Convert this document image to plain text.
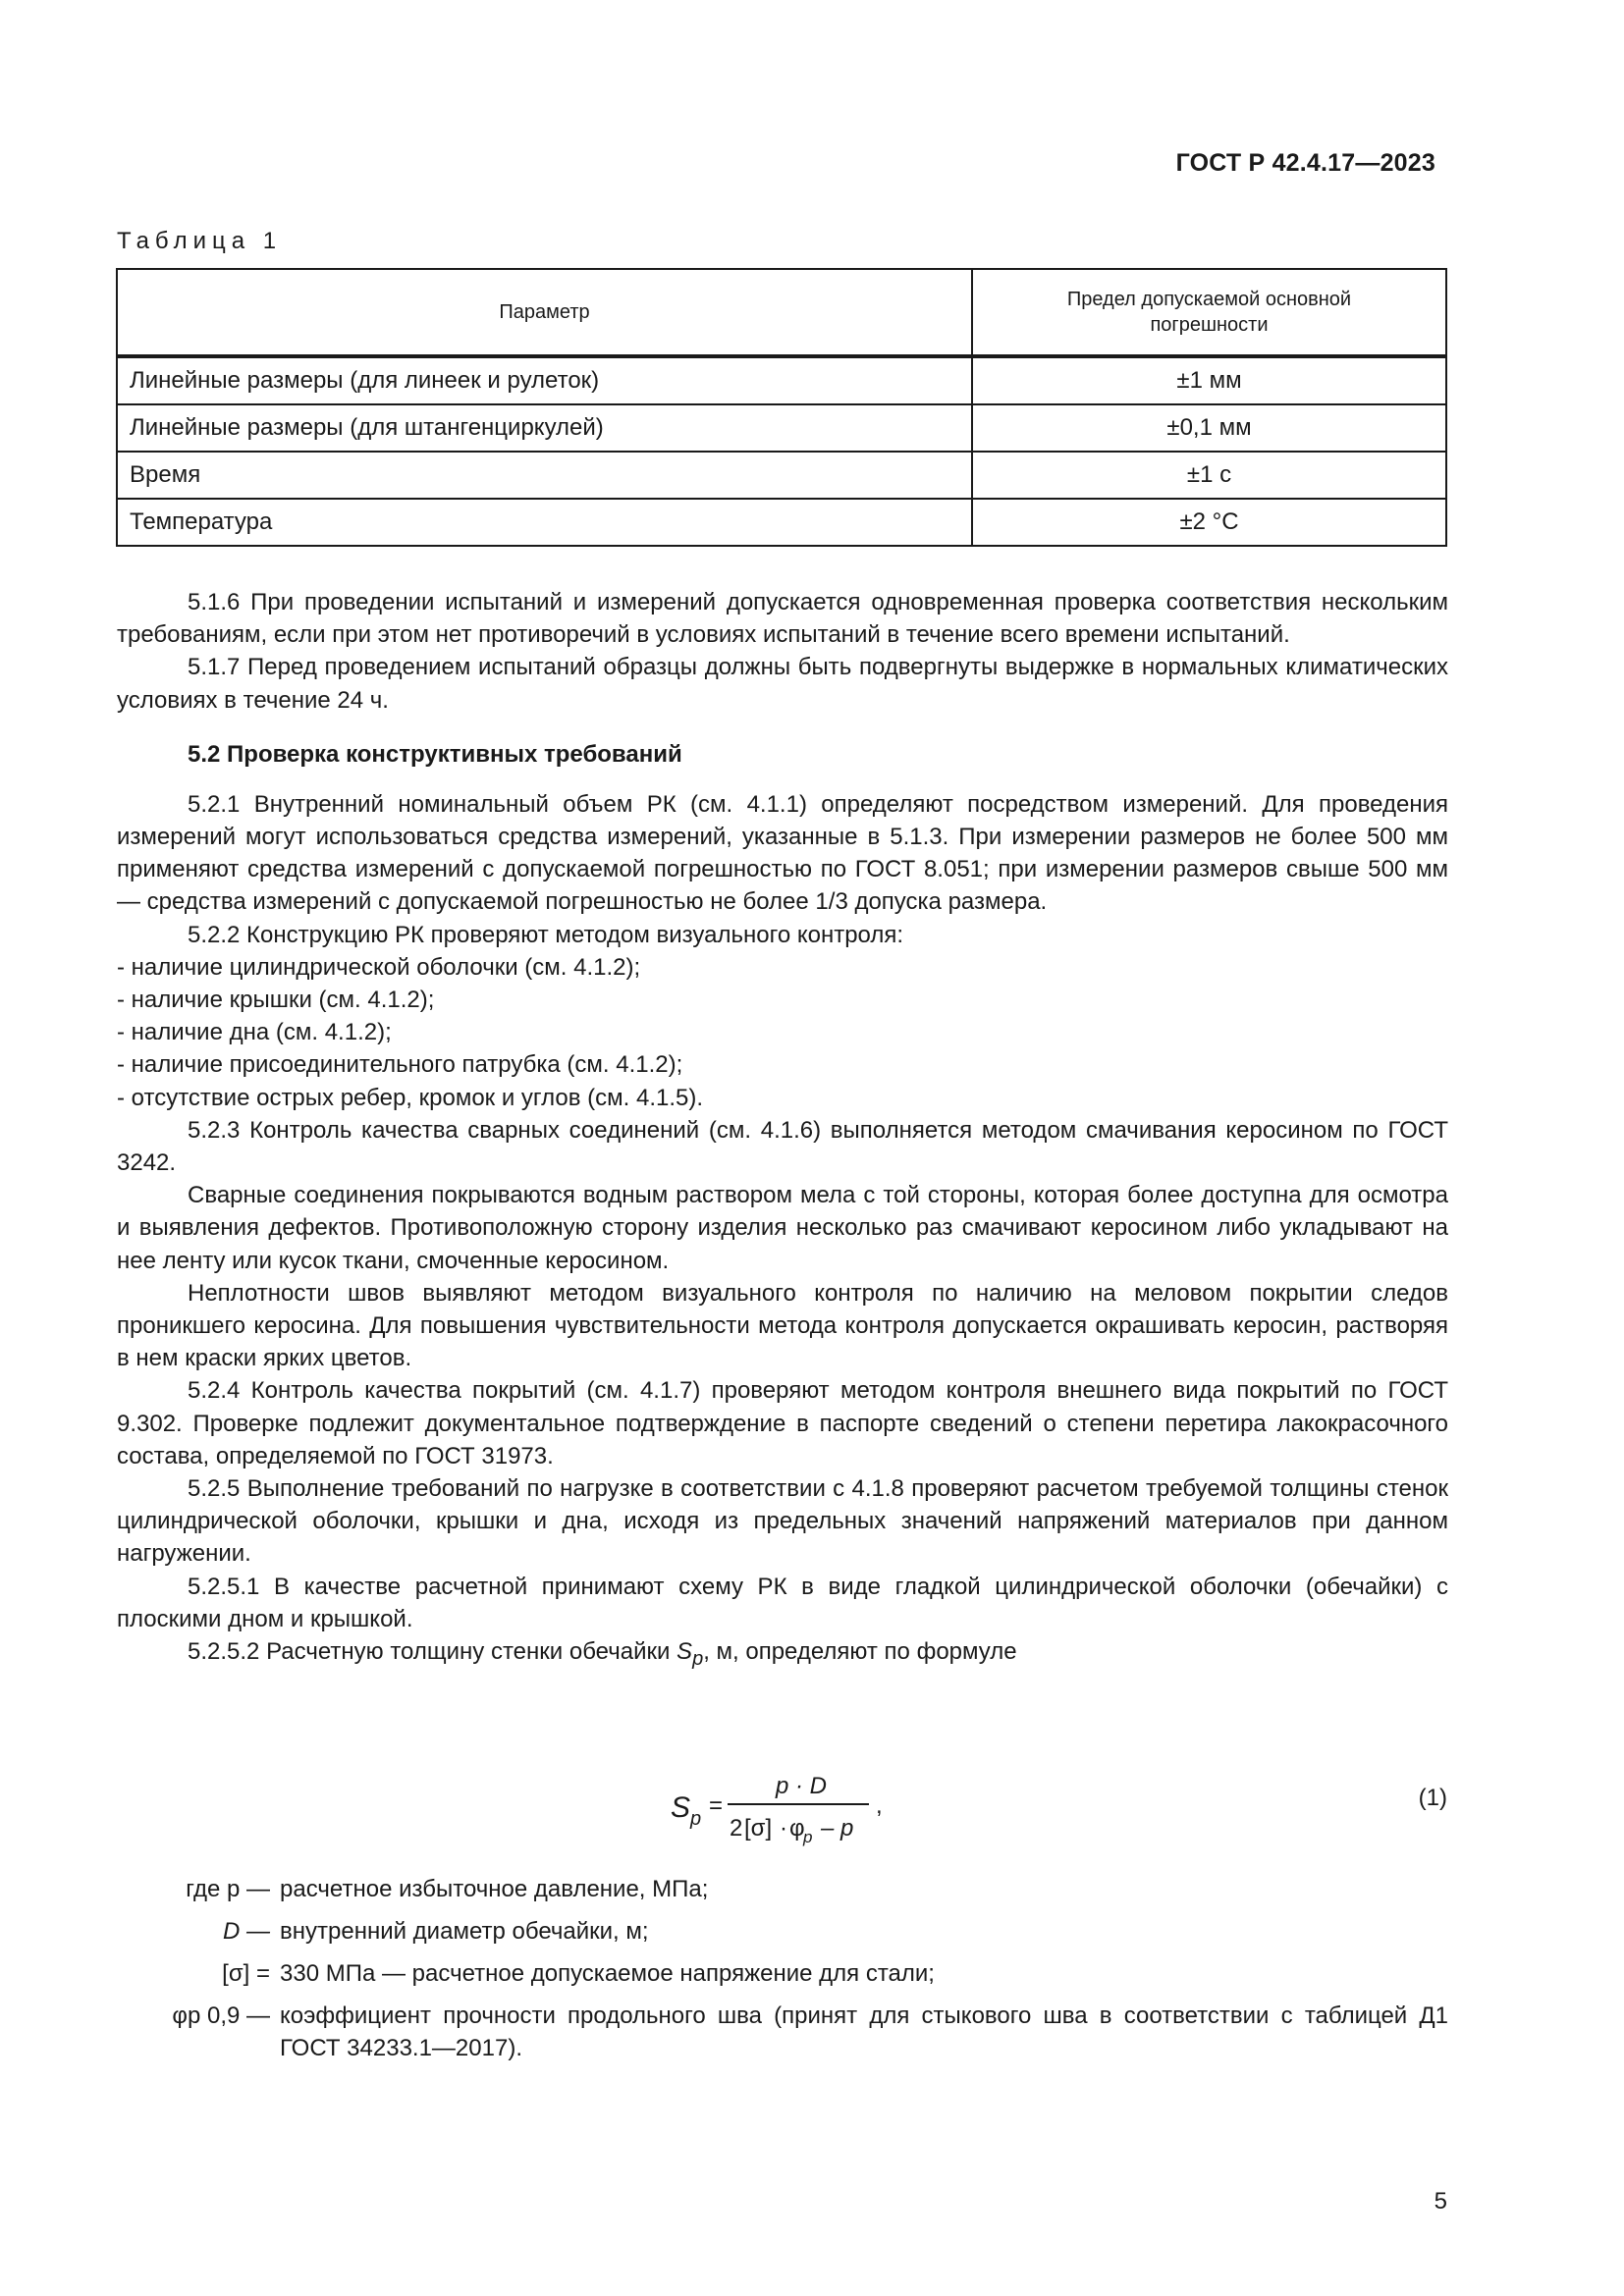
ГОСТ Р 42.4.17—2023
Таблица 1
Параметр	Предел допускаемой основной погрешности

Линейные размеры (для линеек и рулеток)	±1 мм
Линейные размеры (для штангенциркулей)	±0,1 мм
Время	±1 с
Температура	±2 °C

5.1.6 При проведении испытаний и измерений допускается одновременная проверка соответствия нескольким требованиям, если при этом нет противоречий в условиях испытаний в течение всего времени испытаний.

5.1.7 Перед проведением испытаний образцы должны быть подвергнуты выдержке в нормальных климатических условиях в течение 24 ч.

5.2 Проверка конструктивных требований

5.2.1 Внутренний номинальный объем РК (см. 4.1.1) определяют посредством измерений. Для проведения измерений могут использоваться средства измерений, указанные в 5.1.3. При измерении размеров не более 500 мм применяют средства измерений с допускаемой погрешностью по ГОСТ 8.051; при измерении размеров свыше 500 мм — средства измерений с допускаемой погрешностью не более 1/3 допуска размера.

5.2.2 Конструкцию РК проверяют методом визуального контроля:

- наличие цилиндрической оболочки (см. 4.1.2);

- наличие крышки (см. 4.1.2);

- наличие дна (см. 4.1.2);

- наличие присоединительного патрубка (см. 4.1.2);

- отсутствие острых ребер, кромок и углов (см. 4.1.5).

5.2.3 Контроль качества сварных соединений (см. 4.1.6) выполняется методом смачивания керосином по ГОСТ 3242.

Сварные соединения покрываются водным раствором мела с той стороны, которая более доступна для осмотра и выявления дефектов. Противоположную сторону изделия несколько раз смачивают керосином либо укладывают на нее ленту или кусок ткани, смоченные керосином.

Неплотности швов выявляют методом визуального контроля по наличию на меловом покрытии следов проникшего керосина. Для повышения чувствительности метода контроля допускается окрашивать керосин, растворяя в нем краски ярких цветов.

5.2.4 Контроль качества покрытий (см. 4.1.7) проверяют методом контроля внешнего вида покрытий по ГОСТ 9.302. Проверке подлежит документальное подтверждение в паспорте сведений о степени перетира лакокрасочного состава, определяемой по ГОСТ 31973.

5.2.5 Выполнение требований по нагрузке в соответствии с 4.1.8 проверяют расчетом требуемой толщины стенок цилиндрической оболочки, крышки и дна, исходя из предельных значений напряжений материалов при данном нагружении.

5.2.5.1 В качестве расчетной принимают схему РК в виде гладкой цилиндрической оболочки (обечайки) с плоскими дном и крышкой.

5.2.5.2 Расчетную толщину стенки обечайки $S_p$, м, определяют по формуле

S p =
p · D
2 [σ] · φ
p – p
,	(1)
где p — расчетное избыточное давление, МПа;
D — внутренний диаметр обечайки, м;
[σ] = 330 МПа — расчетное допускаемое напряжение для стали;
φp 0,9 — коэффициент прочности продольного шва (принят для стыкового шва в соответствии с таблицей Д1 ГОСТ 34233.1—2017).
5
